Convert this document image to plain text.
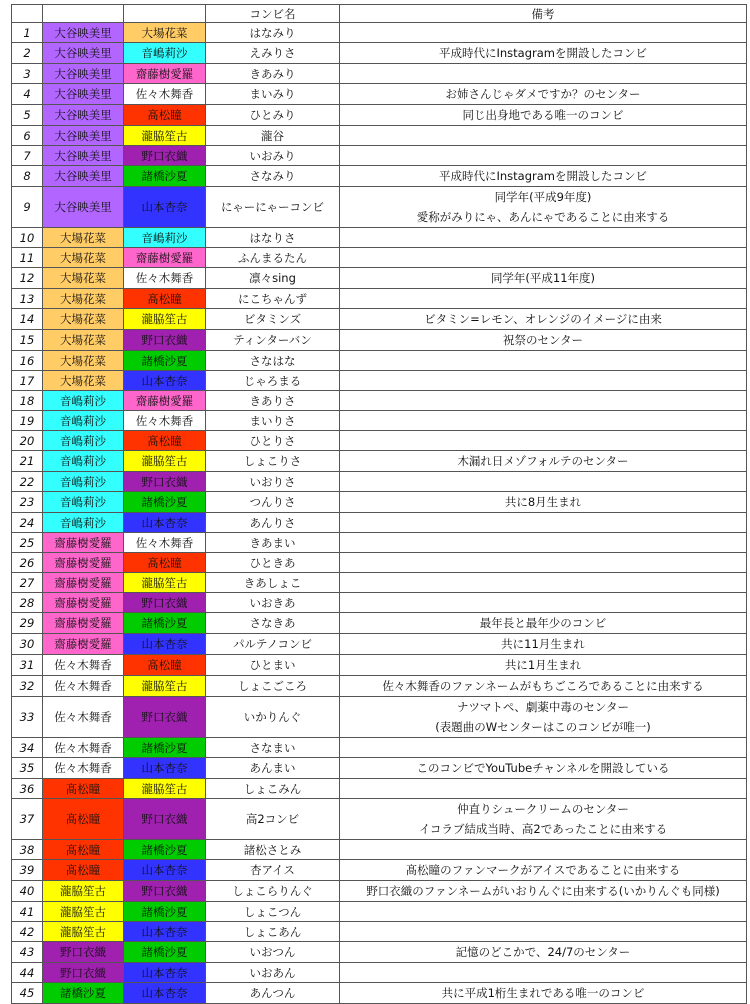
			コンビ名	備考
1	大谷映美里	大場花菜	はなみり	
2	大谷映美里	音嶋莉沙	えみりさ	平成時代にInstagramを開設したコンビ
3	大谷映美里	齋藤樹愛羅	きあみり	
4	大谷映美里	佐々木舞香	まいみり	お姉さんじゃダメですか？のセンター
5	大谷映美里	髙松瞳	ひとみり	同じ出身地である唯一のコンビ
6	大谷映美里	瀧脇笙古	瀧谷	
7	大谷映美里	野口衣織	いおみり	
8	大谷映美里	諸橋沙夏	さなみり	平成時代にInstagramを開設したコンビ
9	大谷映美里	山本杏奈	にゃーにゃーコンビ	同学年(平成9年度)
愛称がみりにゃ、あんにゃであることに由来する
10	大場花菜	音嶋莉沙	はなりさ	
11	大場花菜	齋藤樹愛羅	ふんまるたん	
12	大場花菜	佐々木舞香	凛々sing	同学年(平成11年度)
13	大場花菜	髙松瞳	にこちゃんず	
14	大場花菜	瀧脇笙古	ビタミンズ	ビタミン=レモン、オレンジのイメージに由来
15	大場花菜	野口衣織	ティンターバン	祝祭のセンター
16	大場花菜	諸橋沙夏	さなはな	
17	大場花菜	山本杏奈	じゃろまる	
18	音嶋莉沙	齋藤樹愛羅	きありさ	
19	音嶋莉沙	佐々木舞香	まいりさ	
20	音嶋莉沙	髙松瞳	ひとりさ	
21	音嶋莉沙	瀧脇笙古	しょこりさ	木漏れ日メゾフォルテのセンター
22	音嶋莉沙	野口衣織	いおりさ	
23	音嶋莉沙	諸橋沙夏	つんりさ	共に8月生まれ
24	音嶋莉沙	山本杏奈	あんりさ	
25	齋藤樹愛羅	佐々木舞香	きあまい	
26	齋藤樹愛羅	髙松瞳	ひときあ	
27	齋藤樹愛羅	瀧脇笙古	きあしょこ	
28	齋藤樹愛羅	野口衣織	いおきあ	
29	齋藤樹愛羅	諸橋沙夏	さなきあ	最年長と最年少のコンビ
30	齋藤樹愛羅	山本杏奈	パルテノコンビ	共に11月生まれ
31	佐々木舞香	髙松瞳	ひとまい	共に1月生まれ
32	佐々木舞香	瀧脇笙古	しょこごころ	佐々木舞香のファンネームがもちごころであることに由来する
33	佐々木舞香	野口衣織	いかりんぐ	ナツマトペ、劇薬中毒のセンター
(表題曲のWセンターはこのコンビが唯一)
34	佐々木舞香	諸橋沙夏	さなまい	
35	佐々木舞香	山本杏奈	あんまい	このコンビでYouTubeチャンネルを開設している
36	髙松瞳	瀧脇笙古	しょこみん	
37	髙松瞳	野口衣織	高2コンビ	仲直りシュークリームのセンター
イコラブ結成当時、高2であったことに由来する
38	髙松瞳	諸橋沙夏	諸松さとみ	
39	髙松瞳	山本杏奈	杏アイス	髙松瞳のファンマークがアイスであることに由来する
40	瀧脇笙古	野口衣織	しょこらりんぐ	野口衣織のファンネームがいおりんぐに由来する(いかりんぐも同様)
41	瀧脇笙古	諸橋沙夏	しょこつん	
42	瀧脇笙古	山本杏奈	しょこあん	
43	野口衣織	諸橋沙夏	いおつん	記憶のどこかで、24/7のセンター
44	野口衣織	山本杏奈	いおあん	
45	諸橋沙夏	山本杏奈	あんつん	共に平成1桁生まれである唯一のコンビ
